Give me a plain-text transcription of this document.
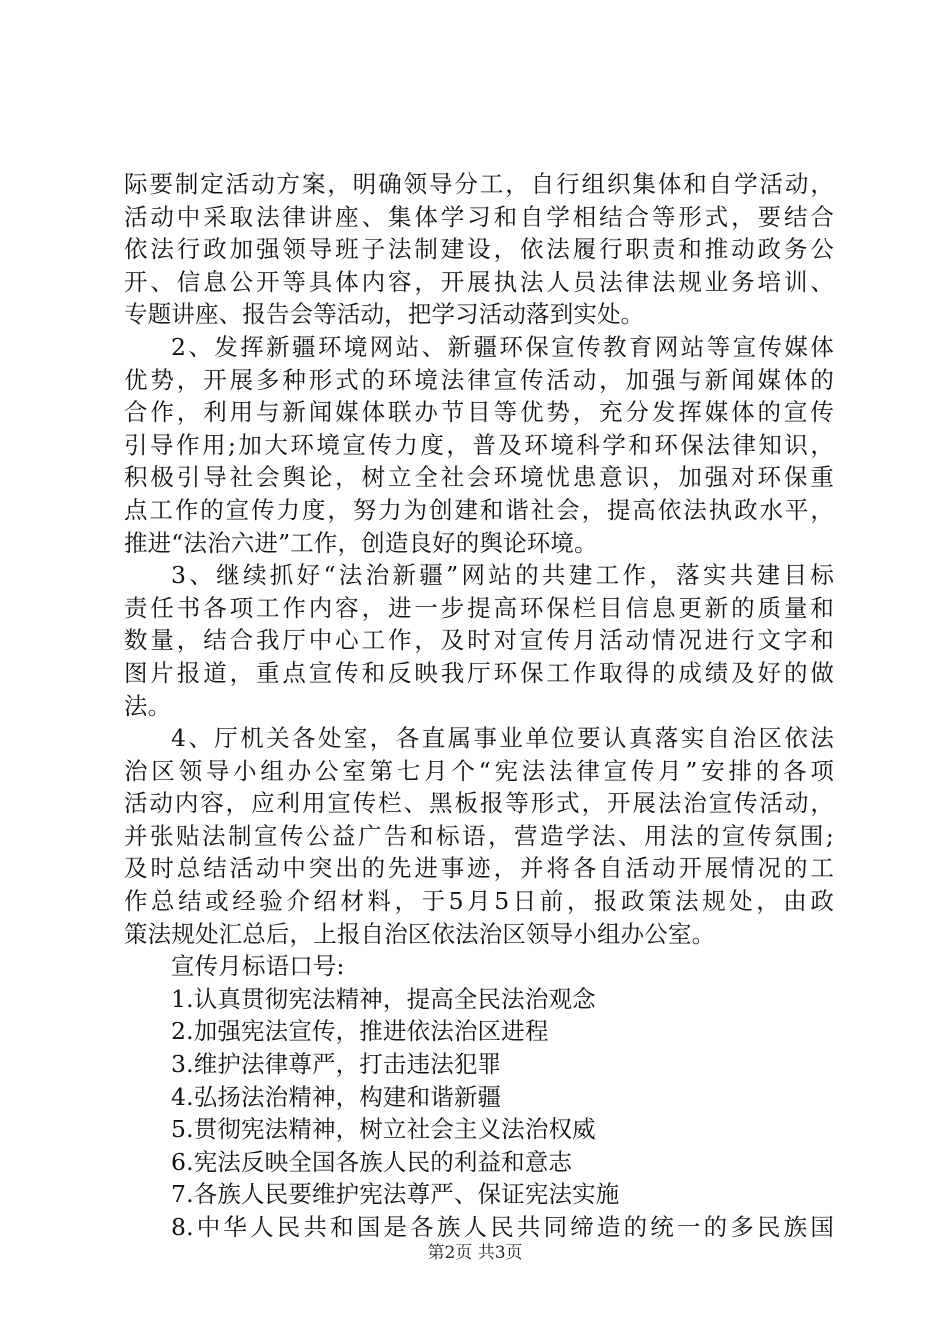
际要制定活动方案，明确领导分工，自行组织集体和自学活动，
活动中采取法律讲座、集体学习和自学相结合等形式，要结合
依法行政加强领导班子法制建设，依法履行职责和推动政务公
开、信息公开等具体内容，开展执法人员法律法规业务培训、
专题讲座、报告会等活动，把学习活动落到实处。
2、发挥新疆环境网站、新疆环保宣传教育网站等宣传媒体
优势，开展多种形式的环境法律宣传活动，加强与新闻媒体的
合作，利用与新闻媒体联办节目等优势，充分发挥媒体的宣传
引导作用;加大环境宣传力度，普及环境科学和环保法律知识，
积极引导社会舆论，树立全社会环境忧患意识，加强对环保重
点工作的宣传力度，努力为创建和谐社会，提高依法执政水平，
推进“法治六进”工作，创造良好的舆论环境。
3、继续抓好“法治新疆”网站的共建工作，落实共建目标
责任书各项工作内容，进一步提高环保栏目信息更新的质量和
数量，结合我厅中心工作，及时对宣传月活动情况进行文字和
图片报道，重点宣传和反映我厅环保工作取得的成绩及好的做
法。
4、厅机关各处室，各直属事业单位要认真落实自治区依法
治区领导小组办公室第七月个“宪法法律宣传月”安排的各项
活动内容，应利用宣传栏、黑板报等形式，开展法治宣传活动，
并张贴法制宣传公益广告和标语，营造学法、用法的宣传氛围;
及时总结活动中突出的先进事迹，并将各自活动开展情况的工
作总结或经验介绍材料，于5月5日前，报政策法规处，由政
策法规处汇总后，上报自治区依法治区领导小组办公室。
宣传月标语口号:
1.认真贯彻宪法精神，提高全民法治观念
2.加强宪法宣传，推进依法治区进程
3.维护法律尊严，打击违法犯罪
4.弘扬法治精神，构建和谐新疆
5.贯彻宪法精神，树立社会主义法治权威
6.宪法反映全国各族人民的利益和意志
7.各族人民要维护宪法尊严、保证宪法实施
8.中华人民共和国是各族人民共同缔造的统一的多民族国
第2页 共3页
